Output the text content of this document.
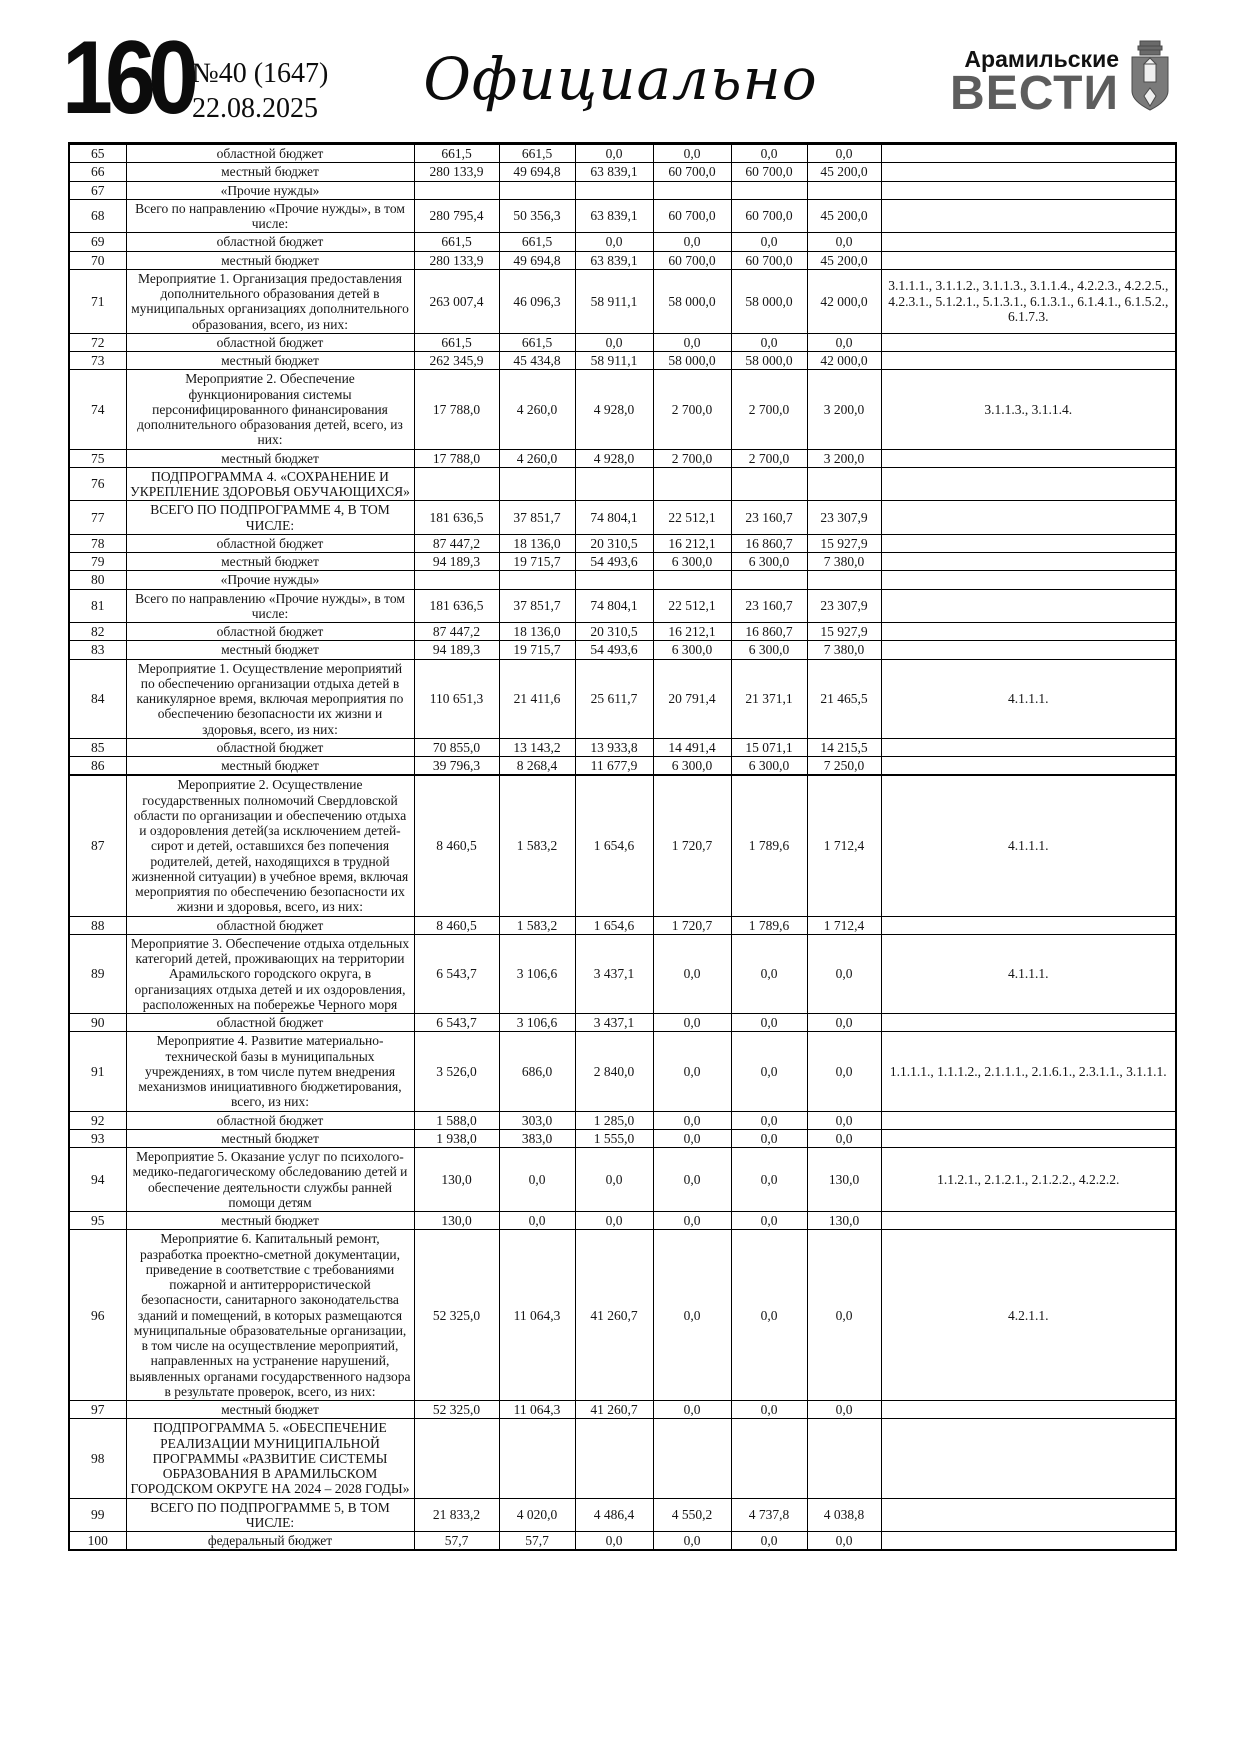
160 №40 (1647)
22.08.2025	Официально	Арамильские
ВЕСТИ
65	областной бюджет	661,5	661,5	0,0	0,0	0,0	0,0	
66	местный бюджет	280 133,9	49 694,8	63 839,1	60 700,0	60 700,0	45 200,0	
67	«Прочие нужды»							
68	Всего по направлению «Прочие нужды», в том числе:	280 795,4	50 356,3	63 839,1	60 700,0	60 700,0	45 200,0	
69	областной бюджет	661,5	661,5	0,0	0,0	0,0	0,0	
70	местный бюджет	280 133,9	49 694,8	63 839,1	60 700,0	60 700,0	45 200,0	
71	Мероприятие 1. Организация предоставления дополнительного образования детей в муниципальных организациях дополнительного образования, всего, из них:	263 007,4	46 096,3	58 911,1	58 000,0	58 000,0	42 000,0	3.1.1.1., 3.1.1.2., 3.1.1.3., 3.1.1.4., 4.2.2.3., 4.2.2.5., 4.2.3.1., 5.1.2.1., 5.1.3.1., 6.1.3.1., 6.1.4.1., 6.1.5.2., 6.1.7.3.
72	областной бюджет	661,5	661,5	0,0	0,0	0,0	0,0	
73	местный бюджет	262 345,9	45 434,8	58 911,1	58 000,0	58 000,0	42 000,0	
74	Мероприятие 2. Обеспечение функционирования системы персонифицированного финансирования дополнительного образования детей, всего, из них:	17 788,0	4 260,0	4 928,0	2 700,0	2 700,0	3 200,0	3.1.1.3., 3.1.1.4.
75	местный бюджет	17 788,0	4 260,0	4 928,0	2 700,0	2 700,0	3 200,0	
76	ПОДПРОГРАММА 4. «СОХРАНЕНИЕ И УКРЕПЛЕНИЕ ЗДОРОВЬЯ ОБУЧАЮЩИХСЯ»							
77	ВСЕГО ПО ПОДПРОГРАММЕ 4, В ТОМ ЧИСЛЕ:	181 636,5	37 851,7	74 804,1	22 512,1	23 160,7	23 307,9	
78	областной бюджет	87 447,2	18 136,0	20 310,5	16 212,1	16 860,7	15 927,9	
79	местный бюджет	94 189,3	19 715,7	54 493,6	6 300,0	6 300,0	7 380,0	
80	«Прочие нужды»							
81	Всего по направлению «Прочие нужды», в том числе:	181 636,5	37 851,7	74 804,1	22 512,1	23 160,7	23 307,9	
82	областной бюджет	87 447,2	18 136,0	20 310,5	16 212,1	16 860,7	15 927,9	
83	местный бюджет	94 189,3	19 715,7	54 493,6	6 300,0	6 300,0	7 380,0	
84	Мероприятие 1. Осуществление мероприятий по обеспечению организации отдыха детей в каникулярное время, включая мероприятия по обеспечению безопасности их жизни и здоровья, всего, из них:	110 651,3	21 411,6	25 611,7	20 791,4	21 371,1	21 465,5	4.1.1.1.
85	областной бюджет	70 855,0	13 143,2	13 933,8	14 491,4	15 071,1	14 215,5	
86	местный бюджет	39 796,3	8 268,4	11 677,9	6 300,0	6 300,0	7 250,0	
87	Мероприятие 2. Осуществление государственных полномочий Свердловской области по организации и обеспечению отдыха и оздоровления детей(за исключением детей-сирот и детей, оставшихся без попечения родителей, детей, находящихся в трудной жизненной ситуации) в учебное время, включая мероприятия по обеспечению безопасности их жизни и здоровья, всего, из них:	8 460,5	1 583,2	1 654,6	1 720,7	1 789,6	1 712,4	4.1.1.1.
88	областной бюджет	8 460,5	1 583,2	1 654,6	1 720,7	1 789,6	1 712,4	
89	Мероприятие 3. Обеспечение отдыха отдельных категорий детей, проживающих на территории Арамильского городского округа, в организациях отдыха детей и их оздоровления, расположенных на побережье Черного моря	6 543,7	3 106,6	3 437,1	0,0	0,0	0,0	4.1.1.1.
90	областной бюджет	6 543,7	3 106,6	3 437,1	0,0	0,0	0,0	
91	Мероприятие 4. Развитие материально-технической базы в муниципальных учреждениях, в том числе путем внедрения механизмов инициативного бюджетирования, всего, из них:	3 526,0	686,0	2 840,0	0,0	0,0	0,0	1.1.1.1., 1.1.1.2., 2.1.1.1., 2.1.6.1., 2.3.1.1., 3.1.1.1.
92	областной бюджет	1 588,0	303,0	1 285,0	0,0	0,0	0,0	
93	местный бюджет	1 938,0	383,0	1 555,0	0,0	0,0	0,0	
94	Мероприятие 5. Оказание услуг по психолого-медико-педагогическому обследованию детей и обеспечение деятельности службы ранней помощи детям	130,0	0,0	0,0	0,0	0,0	130,0	1.1.2.1., 2.1.2.1., 2.1.2.2., 4.2.2.2.
95	местный бюджет	130,0	0,0	0,0	0,0	0,0	130,0	
96	Мероприятие 6. Капитальный ремонт, разработка проектно-сметной документации, приведение в соответствие с требованиями пожарной и антитеррористической безопасности, санитарного законодательства зданий и помещений, в которых размещаются муниципальные образовательные организации, в том числе на осуществление мероприятий, направленных на устранение нарушений, выявленных органами государственного надзора в результате проверок, всего, из них:	52 325,0	11 064,3	41 260,7	0,0	0,0	0,0	4.2.1.1.
97	местный бюджет	52 325,0	11 064,3	41 260,7	0,0	0,0	0,0	
98	ПОДПРОГРАММА 5. «ОБЕСПЕЧЕНИЕ РЕАЛИЗАЦИИ МУНИЦИПАЛЬНОЙ ПРОГРАММЫ «РАЗВИТИЕ СИСТЕМЫ ОБРАЗОВАНИЯ В АРАМИЛЬСКОМ ГОРОДСКОМ ОКРУГЕ НА 2024 – 2028 ГОДЫ»							
99	ВСЕГО ПО ПОДПРОГРАММЕ 5, В ТОМ ЧИСЛЕ:	21 833,2	4 020,0	4 486,4	4 550,2	4 737,8	4 038,8	
100	федеральный бюджет	57,7	57,7	0,0	0,0	0,0	0,0	
